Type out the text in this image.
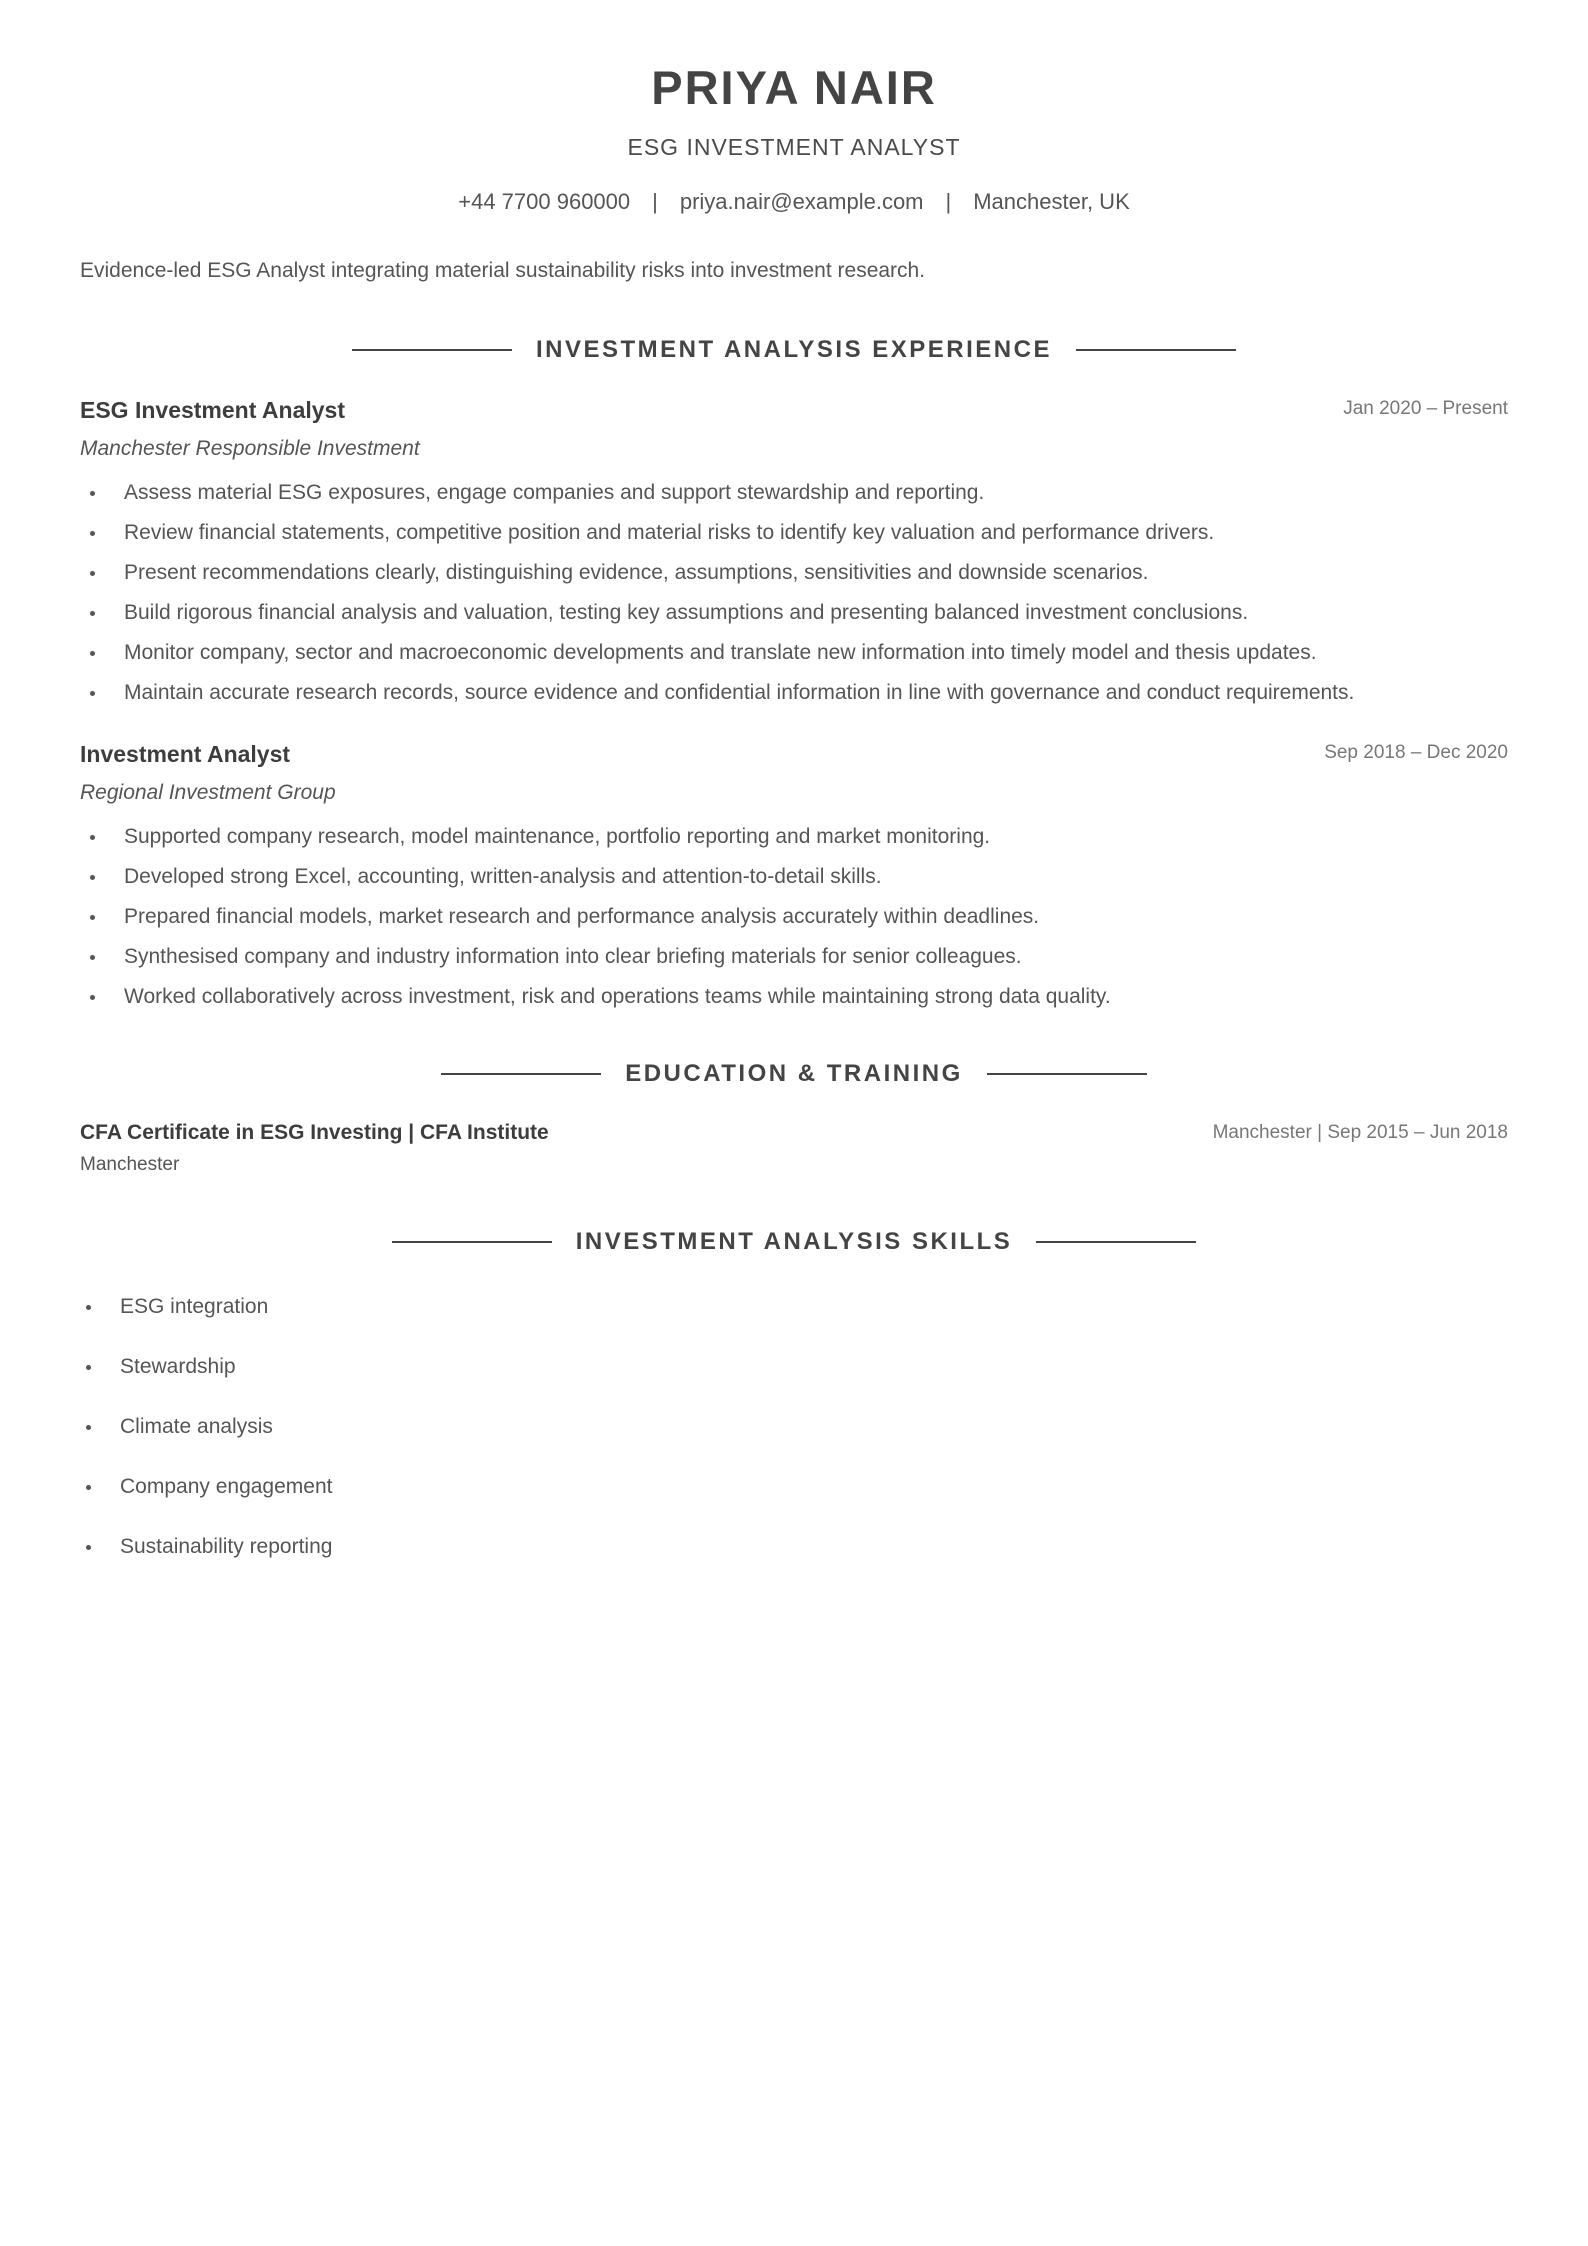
PRIYA NAIR
ESG INVESTMENT ANALYST
+44 7700 960000 | priya.nair@example.com | Manchester, UK
Evidence-led ESG Analyst integrating material sustainability risks into investment research.
INVESTMENT ANALYSIS EXPERIENCE
ESG Investment Analyst	Jan 2020 – Present
Manchester Responsible Investment
Assess material ESG exposures, engage companies and support stewardship and reporting.
Review financial statements, competitive position and material risks to identify key valuation and performance drivers.
Present recommendations clearly, distinguishing evidence, assumptions, sensitivities and downside scenarios.
Build rigorous financial analysis and valuation, testing key assumptions and presenting balanced investment conclusions.
Monitor company, sector and macroeconomic developments and translate new information into timely model and thesis updates.
Maintain accurate research records, source evidence and confidential information in line with governance and conduct requirements.
Investment Analyst	Sep 2018 – Dec 2020
Regional Investment Group
Supported company research, model maintenance, portfolio reporting and market monitoring.
Developed strong Excel, accounting, written-analysis and attention-to-detail skills.
Prepared financial models, market research and performance analysis accurately within deadlines.
Synthesised company and industry information into clear briefing materials for senior colleagues.
Worked collaboratively across investment, risk and operations teams while maintaining strong data quality.
EDUCATION & TRAINING
CFA Certificate in ESG Investing | CFA Institute	Manchester | Sep 2015 – Jun 2018
Manchester
INVESTMENT ANALYSIS SKILLS
ESG integration
Stewardship
Climate analysis
Company engagement
Sustainability reporting
